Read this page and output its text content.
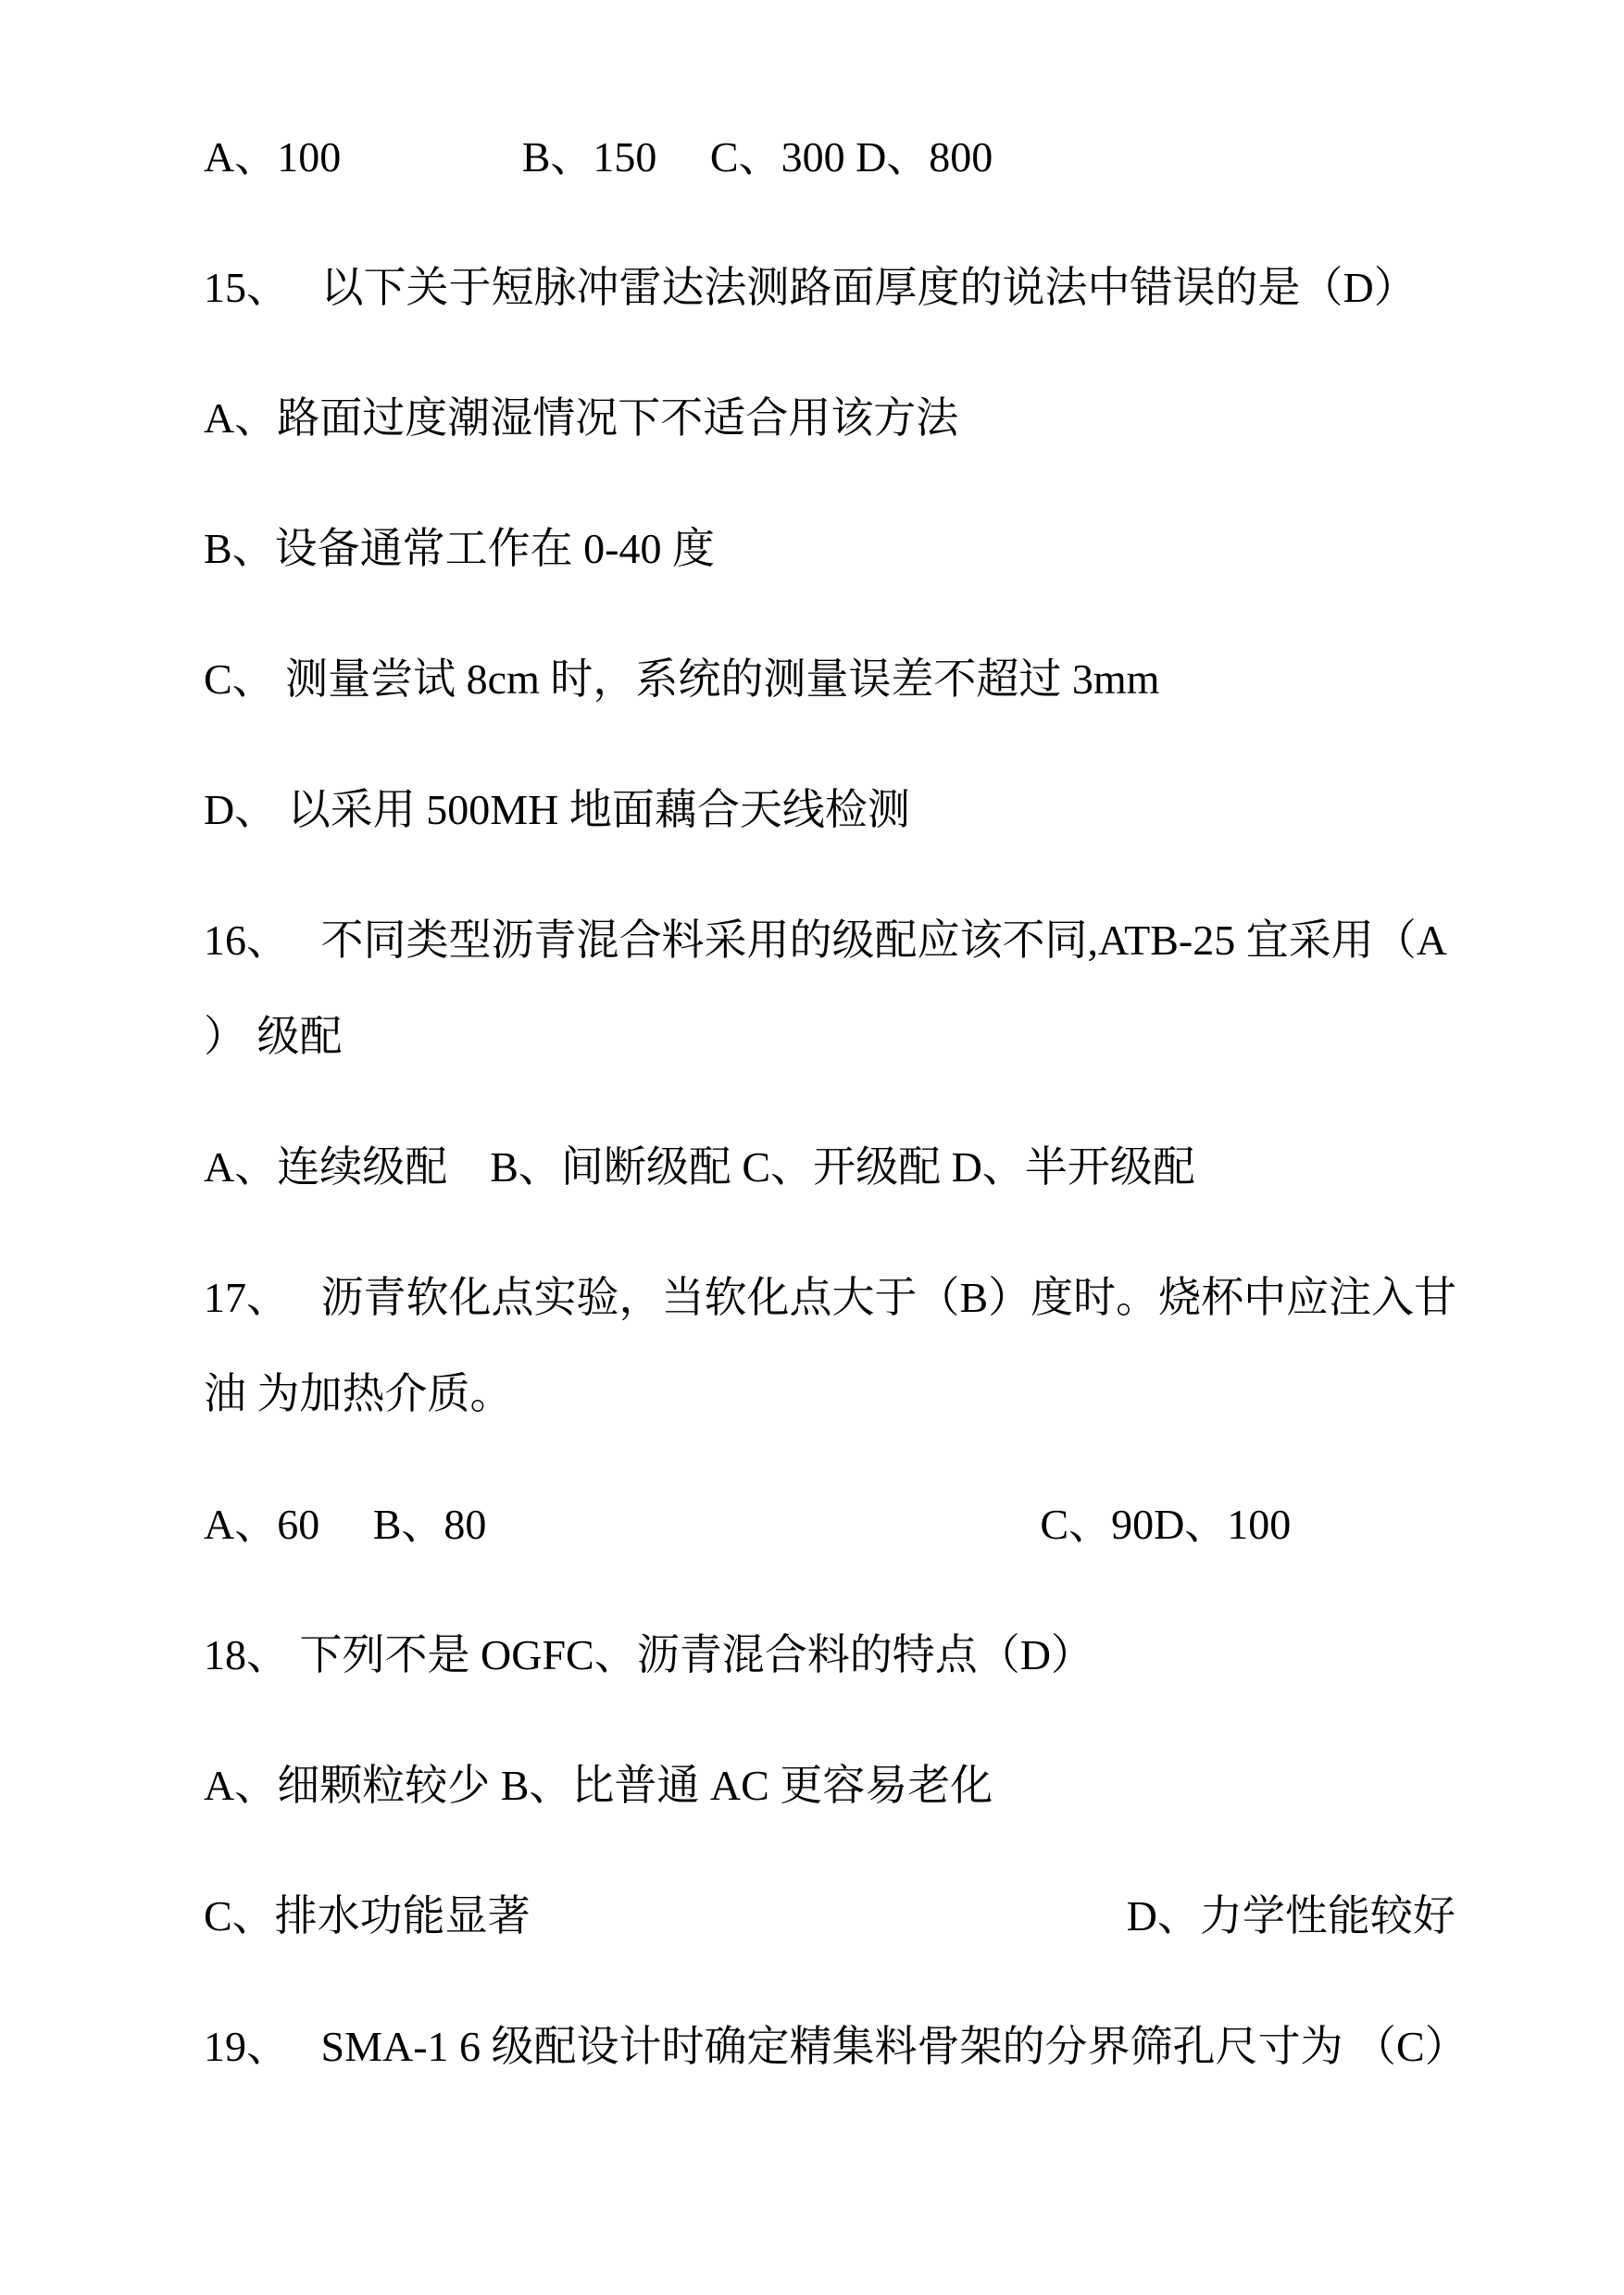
A、100　　　　 B、150　 C、300 D、800
15、　 以下关于短脉冲雷达法测路面厚度的说法中错误的是（D）
A、路面过度潮湿情况下不适合用该方法
B、设备通常工作在 0-40 度
C、 测量尝试 8cm 时，系统的测量误差不超过 3mm
D、 以采用 500MH 地面藕合天线检测
16、　 不同类型沥青混合料采用的级配应该不同,ATB-25 宜采用（A
） 级配
A、连续级配　B、间断级配 C、开级配 D、半开级配
17、　 沥青软化点实验，当软化点大于（B）度时。烧杯中应注入甘
油 为加热介质。
A、60　 B、80　　　　　　　　　　　　　C、90D、100
18、 下列不是 OGFC、沥青混合料的特点（D）
A、细颗粒较少 B、比普通 AC 更容易老化
C、排水功能显著　　　　　　　　　　　　　　D、力学性能较好
19、　 SMA-1 6 级配设计时确定精集料骨架的分界筛孔尺寸为 （C）
